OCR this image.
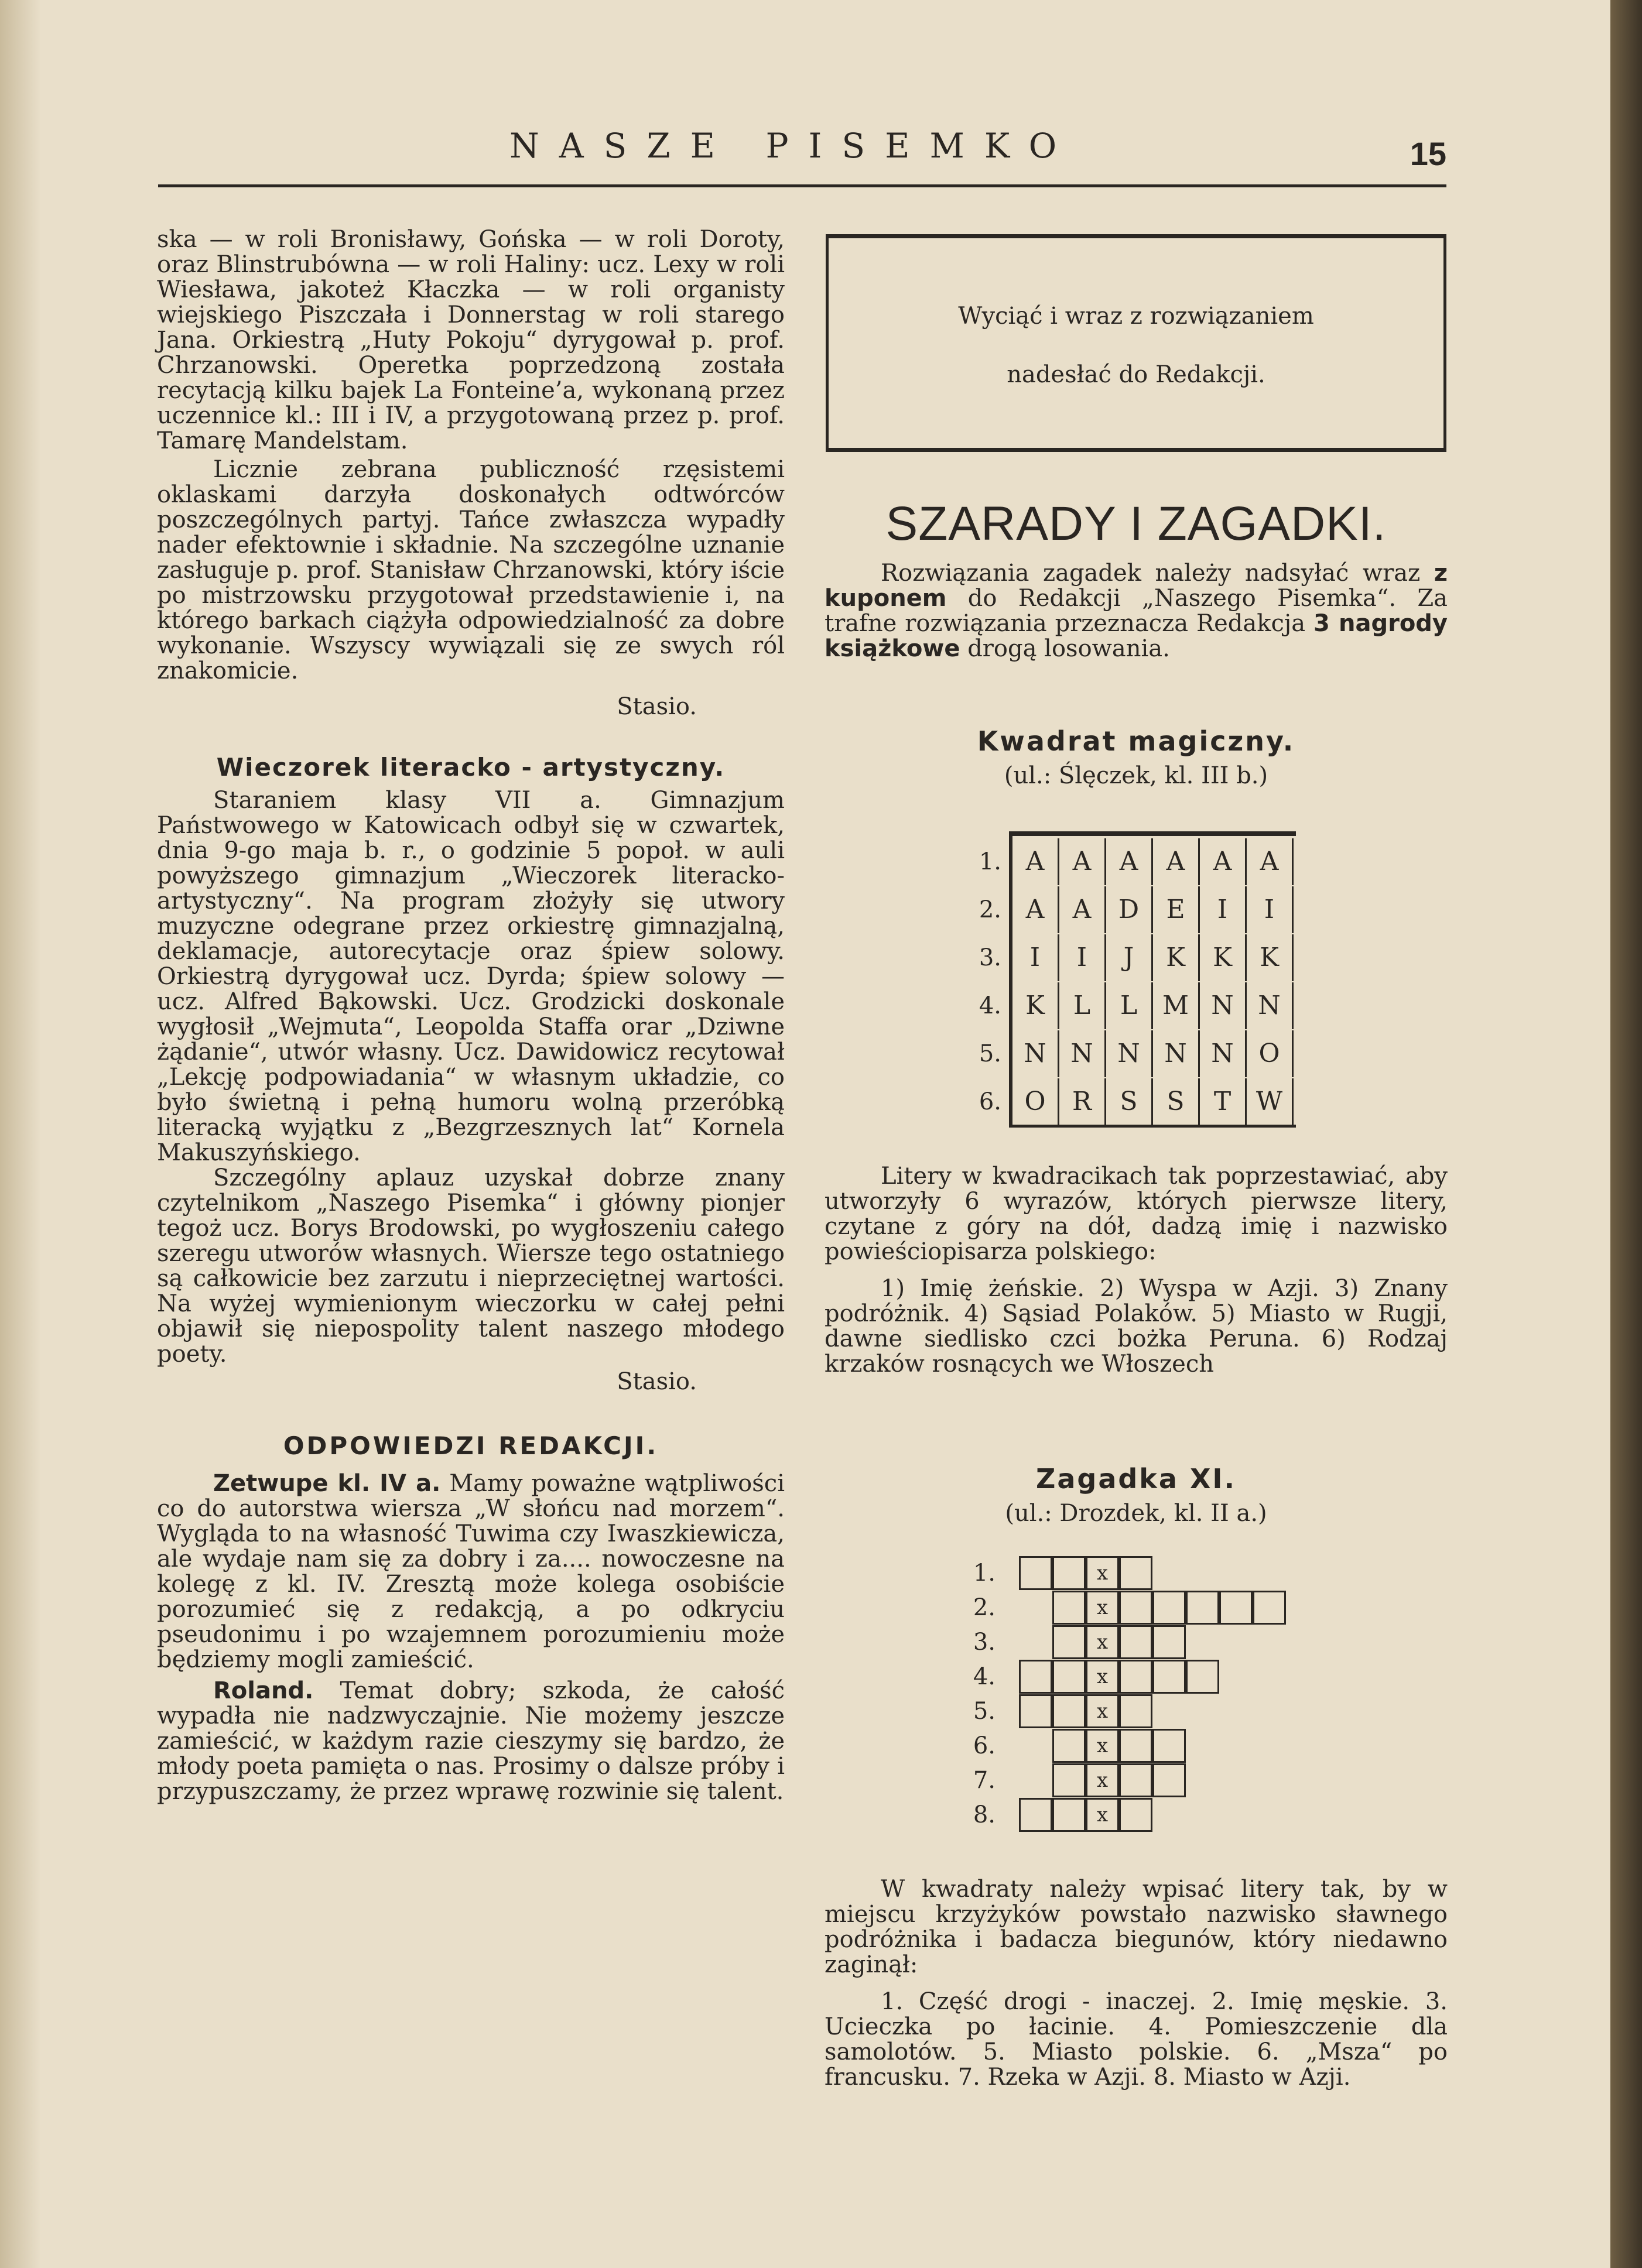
NASZE PISEMKO	15

ska — w roli Bronisławy, Gońska — w roli Doroty, oraz Blinstrubówna — w roli Haliny: ucz. Lexy w roli Wiesława, jakoteż Kłaczka — w roli organisty wiejskiego Piszczała i Donnerstag w roli starego Jana. Orkiestrą „Huty Pokoju“ dyrygował p. prof. Chrzanowski. Operetka poprzedzoną została recytacją kilku bajek La Fonteine’a, wykonaną przez uczennice kl.: III i IV, a przygotowaną przez p. prof. Tamarę Mandelstam.

Licznie zebrana publiczność rzęsistemi oklaskami darzyła doskonałych odtwórców poszczególnych partyj. Tańce zwłaszcza wypadły nader efektownie i składnie. Na szczególne uznanie zasługuje p. prof. Stanisław Chrzanowski, który iście po mistrzowsku przygotował przedstawienie i, na którego barkach ciążyła odpowiedzialność za dobre wykonanie. Wszyscy wywiązali się ze swych ról znakomicie.

Stasio.

Wieczorek literacko - artystyczny.

Staraniem klasy VII a. Gimnazjum Państwowego w Katowicach odbył się w czwartek, dnia 9-go maja b. r., o godzinie 5 popoł. w auli powyższego gimnazjum „Wieczorek literacko-artystyczny“. Na program złożyły się utwory muzyczne odegrane przez orkiestrę gimnazjalną, deklamacje, autorecytacje oraz śpiew solowy. Orkiestrą dyrygował ucz. Dyrda; śpiew solowy — ucz. Alfred Bąkowski. Ucz. Grodzicki doskonale wygłosił „Wejmuta“, Leopolda Staffa orar „Dziwne żądanie“, utwór własny. Ucz. Dawidowicz recytował „Lekcję podpowiadania“ w własnym układzie, co było świetną i pełną humoru wolną przeróbką literacką wyjątku z „Bezgrzesznych lat“ Kornela Makuszyńskiego.

Szczególny aplauz uzyskał dobrze znany czytelnikom „Naszego Pisemka“ i główny pionjer tegoż ucz. Borys Brodowski, po wygłoszeniu całego szeregu utworów własnych. Wiersze tego ostatniego są całkowicie bez zarzutu i nieprzeciętnej wartości. Na wyżej wymienionym wieczorku w całej pełni objawił się niepospolity talent naszego młodego poety.

Stasio.

ODPOWIEDZI REDAKCJI.

Zetwupe kl. IV a. Mamy poważne wątpliwości co do autorstwa wiersza „W słońcu nad morzem“. Wygląda to na własność Tuwima czy Iwaszkiewicza, ale wydaje nam się za dobry i za.... nowoczesne na kolegę z kl. IV. Zresztą może kolega osobiście porozumieć się z redakcją, a po odkryciu pseudonimu i po wzajemnem porozumieniu może będziemy mogli zamieścić.

Roland. Temat dobry; szkoda, że całość wypadła nie nadzwyczajnie. Nie możemy jeszcze zamieścić, w każdym razie cieszymy się bardzo, że młody poeta pamięta o nas. Prosimy o dalsze próby i przypuszczamy, że przez wprawę rozwinie się talent.

Wyciąć i wraz z rozwiązaniem
nadesłać do Redakcji.
SZARADY I ZAGADKI.
Rozwiązania zagadek należy nadsyłać wraz z kuponem do Redakcji „Naszego Pisemka“. Za trafne rozwiązania przeznacza Redakcja 3 nagrody książkowe drogą losowania.
Kwadrat magiczny.
(ul.: Ślęczek, kl. III b.)
1. A	A	A	A	A	A
2. A	A	D	E	I	I
3.	I	I	J	K	K	K
4. K	L	L M N N
5. N N N N N O
6. O	R	S	S	T W

Litery w kwadracikach tak poprzestawiać, aby utworzyły 6 wyrazów, których pierwsze litery, czytane z góry na dół, dadzą imię i nazwisko powieściopisarza polskiego:

1) Imię żeńskie. 2) Wyspa w Azji. 3) Znany podróżnik. 4) Sąsiad Polaków. 5) Miasto w Rugji, dawne siedlisko czci bożka Peruna. 6) Rodzaj krzaków rosnących we Włoszech

Zagadka XI.
(ul.: Drozdek, kl. II a.)
1.	x
2.	x
3.	x
4.	x
5.	x
6.	x
7.	x
8.	x

W kwadraty należy wpisać litery tak, by w miejscu krzyżyków powstało nazwisko sławnego podróżnika i badacza biegunów, który niedawno zaginął:

1. Część drogi - inaczej. 2. Imię męskie. 3. Ucieczka po łacinie. 4. Pomieszczenie dla samolotów. 5. Miasto polskie. 6. „Msza“ po francusku. 7. Rzeka w Azji. 8. Miasto w Azji.
